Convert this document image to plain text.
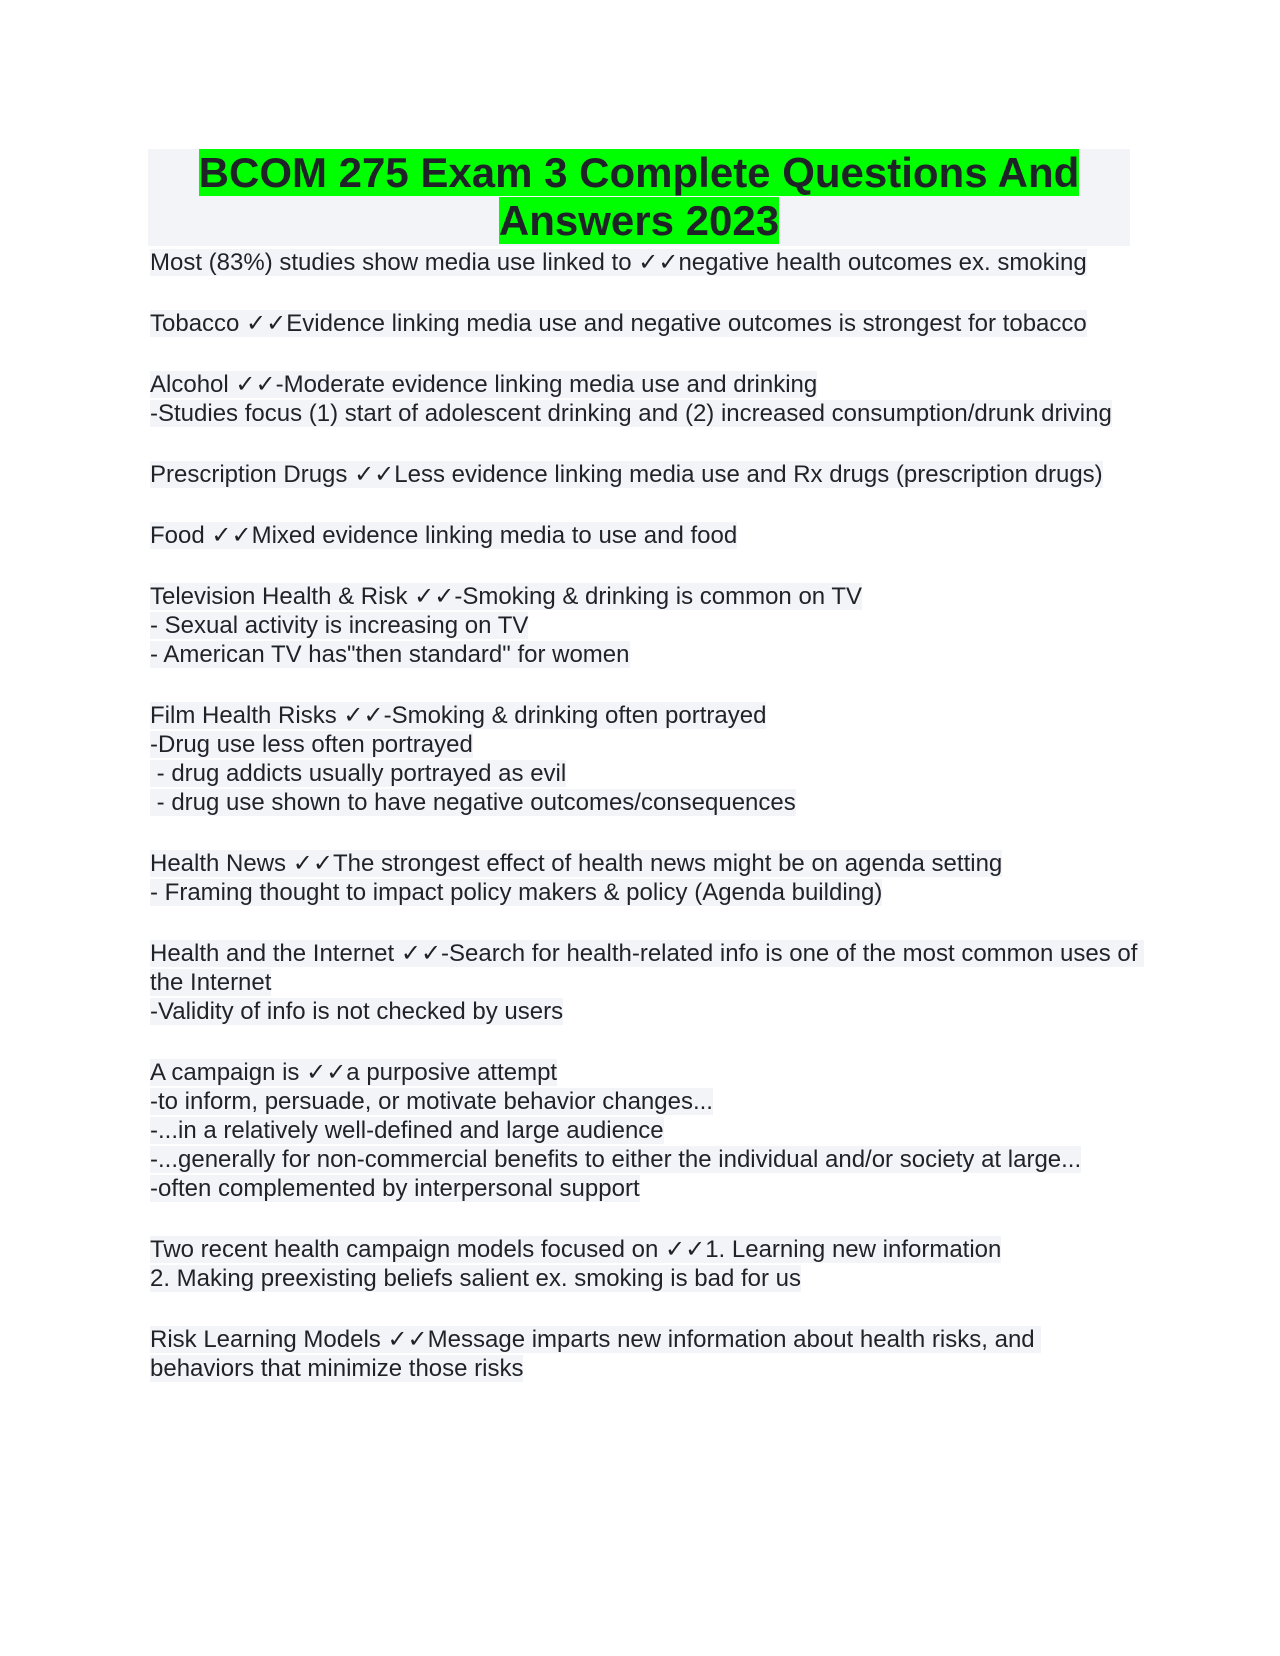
BCOM 275 Exam 3 Complete Questions And Answers 2023
Most (83%) studies show media use linked to ✓✓negative health outcomes ex. smoking
Tobacco ✓✓Evidence linking media use and negative outcomes is strongest for tobacco
Alcohol ✓✓-Moderate evidence linking media use and drinking
-Studies focus (1) start of adolescent drinking and (2) increased consumption/drunk driving
Prescription Drugs ✓✓Less evidence linking media use and Rx drugs (prescription drugs)
Food ✓✓Mixed evidence linking media to use and food
Television Health & Risk ✓✓-Smoking & drinking is common on TV
- Sexual activity is increasing on TV
- American TV has"then standard" for women
Film Health Risks ✓✓-Smoking & drinking often portrayed
-Drug use less often portrayed
- drug addicts usually portrayed as evil
- drug use shown to have negative outcomes/consequences
Health News ✓✓The strongest effect of health news might be on agenda setting
- Framing thought to impact policy makers & policy (Agenda building)
Health and the Internet ✓✓-Search for health-related info is one of the most common uses of the Internet
-Validity of info is not checked by users
A campaign is ✓✓a purposive attempt
-to inform, persuade, or motivate behavior changes...
-...in a relatively well-defined and large audience
-...generally for non-commercial benefits to either the individual and/or society at large...
-often complemented by interpersonal support
Two recent health campaign models focused on ✓✓1. Learning new information
2. Making preexisting beliefs salient ex. smoking is bad for us
Risk Learning Models ✓✓Message imparts new information about health risks, and behaviors that minimize those risks
